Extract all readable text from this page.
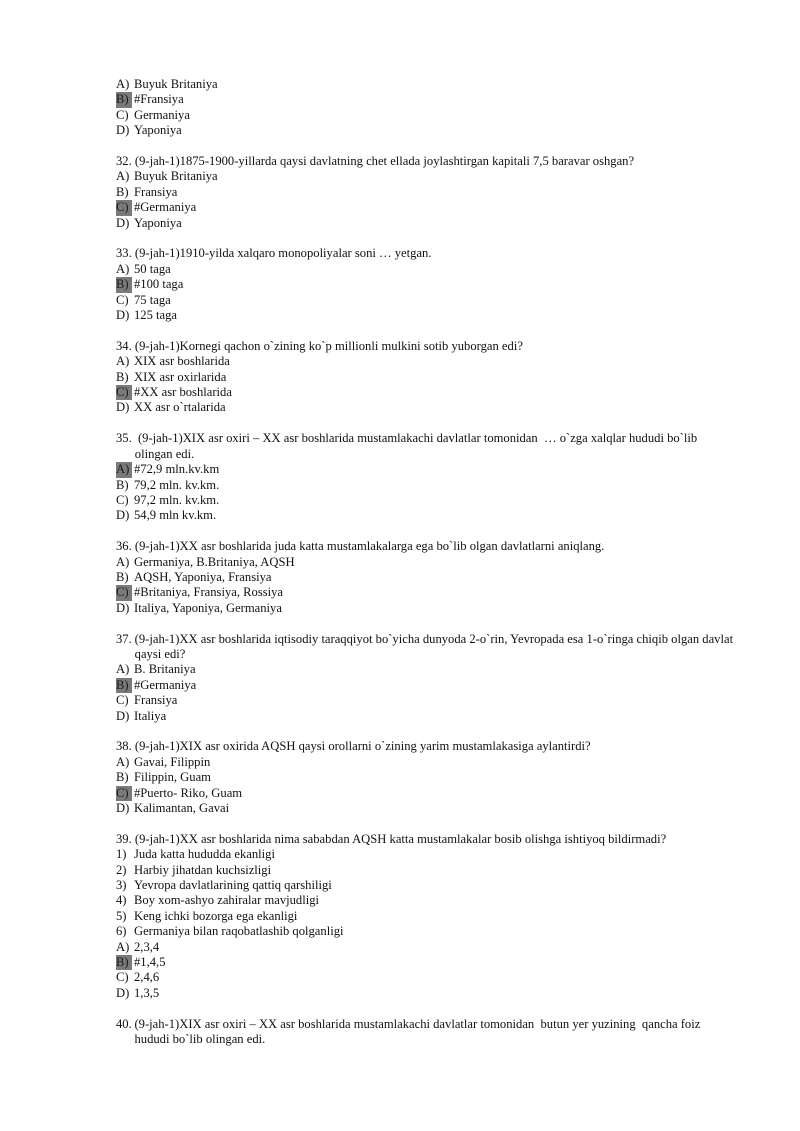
A) Buyuk Britaniya
B) #Fransiya
C) Germaniya
D) Yaponiya
32.
(9-jah-1)1875-1900-yillarda qaysi davlatning chet ellada joylashtirgan kapitali 7,5 baravar oshgan?
A) Buyuk Britaniya
B) Fransiya
C) #Germaniya
D) Yaponiya
33.
(9-jah-1)1910-yilda xalqaro monopoliyalar soni … yetgan.
A) 50 taga
B) #100 taga
C) 75 taga
D) 125 taga
34.
(9-jah-1)Kornegi qachon o`zining ko`p millionli mulkini sotib yuborgan edi?
A) XIX asr boshlarida
B) XIX asr oxirlarida
C) #XX asr boshlarida
D) XX asr o`rtalarida
35.
(9-jah-1)XIX asr oxiri – XX asr boshlarida mustamlakachi davlatlar tomonidan  … o`zga xalqlar hududi bo`lib olingan edi.
A) #72,9 mln.kv.km
B) 79,2 mln. kv.km.
C) 97,2 mln. kv.km.
D) 54,9 mln kv.km.
36.
(9-jah-1)XX asr boshlarida juda katta mustamlakalarga ega bo`lib olgan davlatlarni aniqlang.
A) Germaniya, B.Britaniya, AQSH
B) AQSH, Yaponiya, Fransiya
C) #Britaniya, Fransiya, Rossiya
D) Italiya, Yaponiya, Germaniya
37.
(9-jah-1)XX asr boshlarida iqtisodiy taraqqiyot bo`yicha dunyoda 2-o`rin, Yevropada esa 1-o`ringa chiqib olgan davlat qaysi edi?
A) B. Britaniya
B) #Germaniya
C) Fransiya
D) Italiya
38.
(9-jah-1)XIX asr oxirida AQSH qaysi orollarni o`zining yarim mustamlakasiga aylantirdi?
A) Gavai, Filippin
B) Filippin, Guam
C) #Puerto- Riko, Guam
D) Kalimantan, Gavai
39.
(9-jah-1)XX asr boshlarida nima sababdan AQSH katta mustamlakalar bosib olishga ishtiyoq bildirmadi?
1) Juda katta hududda ekanligi
2) Harbiy jihatdan kuchsizligi
3) Yevropa davlatlarining qattiq qarshiligi
4) Boy xom-ashyo zahiralar mavjudligi
5) Keng ichki bozorga ega ekanligi
6) Germaniya bilan raqobatlashib qolganligi
A) 2,3,4
B) #1,4,5
C) 2,4,6
D) 1,3,5
40.
(9-jah-1)XIX asr oxiri – XX asr boshlarida mustamlakachi davlatlar tomonidan  butun yer yuzining  qancha foiz hududi bo`lib olingan edi.
